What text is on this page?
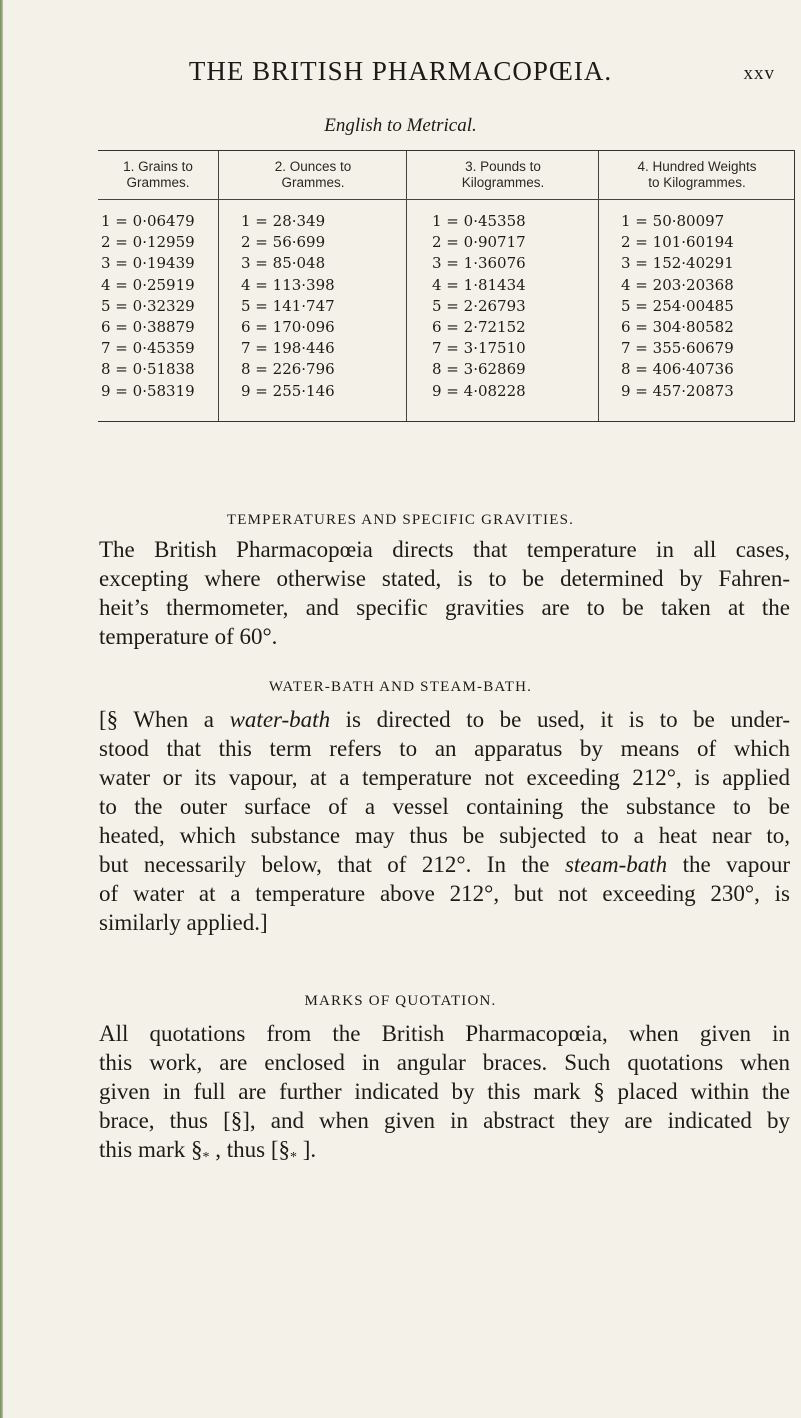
THE BRITISH PHARMACOPŒIA.	xxv
English to Metrical.
1. Grains to
Grammes.
1 = 0·06479
2 = 0·12959
3 = 0·19439
4 = 0·25919
5 = 0·32329
6 = 0·38879
7 = 0·45359
8 = 0·51838
9 = 0·58319
2. Ounces to
Grammes.
1 = 28·349
2 = 56·699
3 = 85·048
4 = 113·398
5 = 141·747
6 = 170·096
7 = 198·446
8 = 226·796
9 = 255·146
3. Pounds to
Kilogrammes.
1 = 0·45358
2 = 0·90717
3 = 1·36076
4 = 1·81434
5 = 2·26793
6 = 2·72152
7 = 3·17510
8 = 3·62869
9 = 4·08228
4. Hundred Weights
to Kilogrammes.
1 = 50·80097
2 = 101·60194
3 = 152·40291
4 = 203·20368
5 = 254·00485
6 = 304·80582
7 = 355·60679
8 = 406·40736
9 = 457·20873
TEMPERATURES AND SPECIFIC GRAVITIES.
The British Pharmacopœia directs that temperature in all cases,
excepting where otherwise stated, is to be determined by Fahren-
heit’s thermometer, and specific gravities are to be taken at the
temperature of 60°.
WATER-BATH AND STEAM-BATH.
[§ When a water-bath is directed to be used, it is to be under-
stood that this term refers to an apparatus by means of which
water or its vapour, at a temperature not exceeding 212°, is applied
to the outer surface of a vessel containing the substance to be
heated, which substance may thus be subjected to a heat near to,
but necessarily below, that of 212°. In the steam-bath the vapour
of water at a temperature above 212°, but not exceeding 230°, is
similarly applied.]
MARKS OF QUOTATION.
All quotations from the British Pharmacopœia, when given in
this work, are enclosed in angular braces. Such quotations when
given in full are further indicated by this mark § placed within the
brace, thus [§], and when given in abstract they are indicated by
this mark §* , thus [§* ].
